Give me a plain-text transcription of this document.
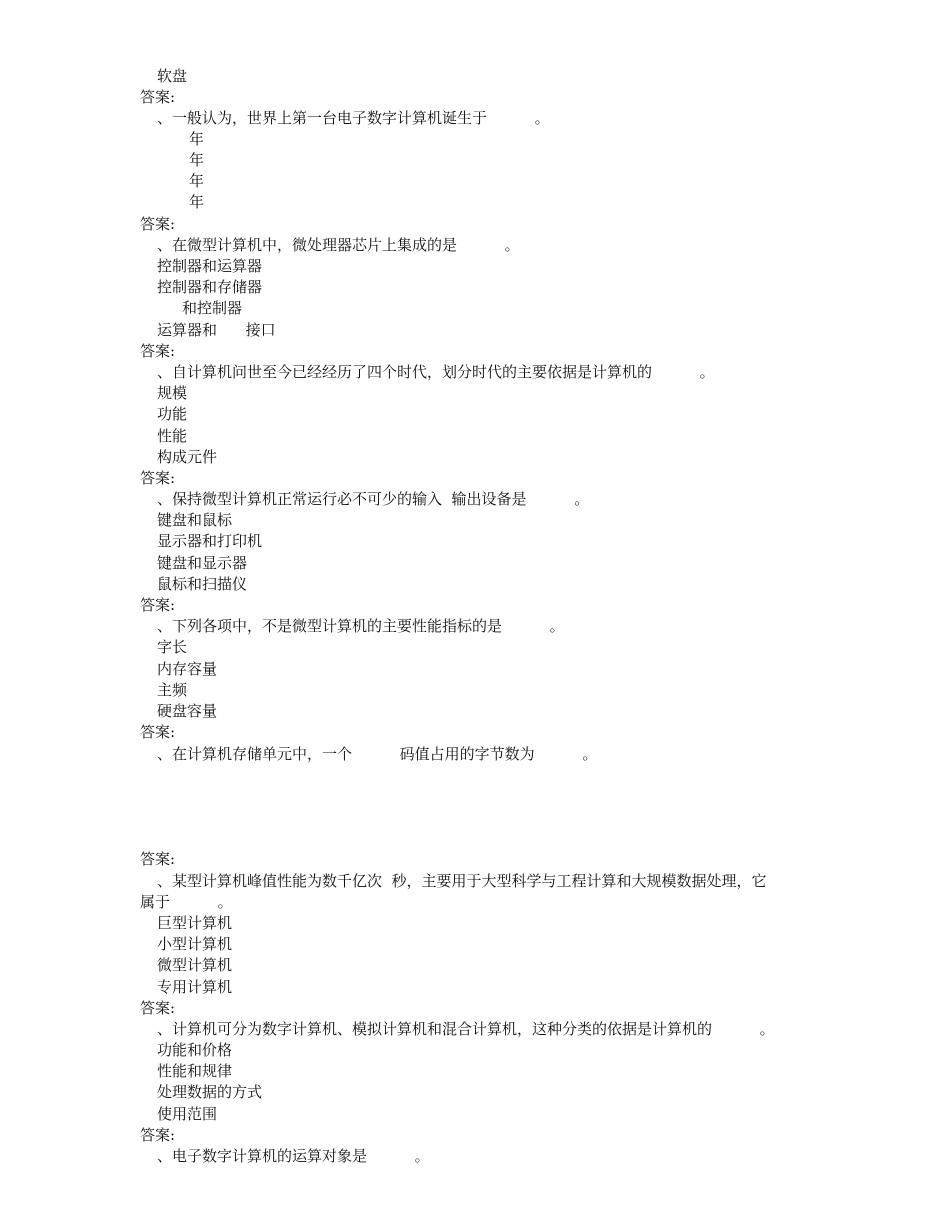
软盘
答案:
、一般认为，世界上第一台电子数字计算机诞生于          。
年
年
年
年
答案:
、在微型计算机中，微处理器芯片上集成的是          。
控制器和运算器
控制器和存储器
和控制器
运算器和      接口
答案:
、自计算机问世至今已经经历了四个时代，划分时代的主要依据是计算机的          。
规模
功能
性能
构成元件
答案:
、保持微型计算机正常运行必不可少的输入  输出设备是          。
键盘和鼠标
显示器和打印机
键盘和显示器
鼠标和扫描仪
答案:
、下列各项中，不是微型计算机的主要性能指标的是          。
字长
内存容量
主频
硬盘容量
答案:
、在计算机存储单元中，一个          码值占用的字节数为          。
答案:
、某型计算机峰值性能为数千亿次  秒，主要用于大型科学与工程计算和大规模数据处理，它
属于          。
巨型计算机
小型计算机
微型计算机
专用计算机
答案:
、计算机可分为数字计算机、模拟计算机和混合计算机，这种分类的依据是计算机的          。
功能和价格
性能和规律
处理数据的方式
使用范围
答案:
、电子数字计算机的运算对象是          。
